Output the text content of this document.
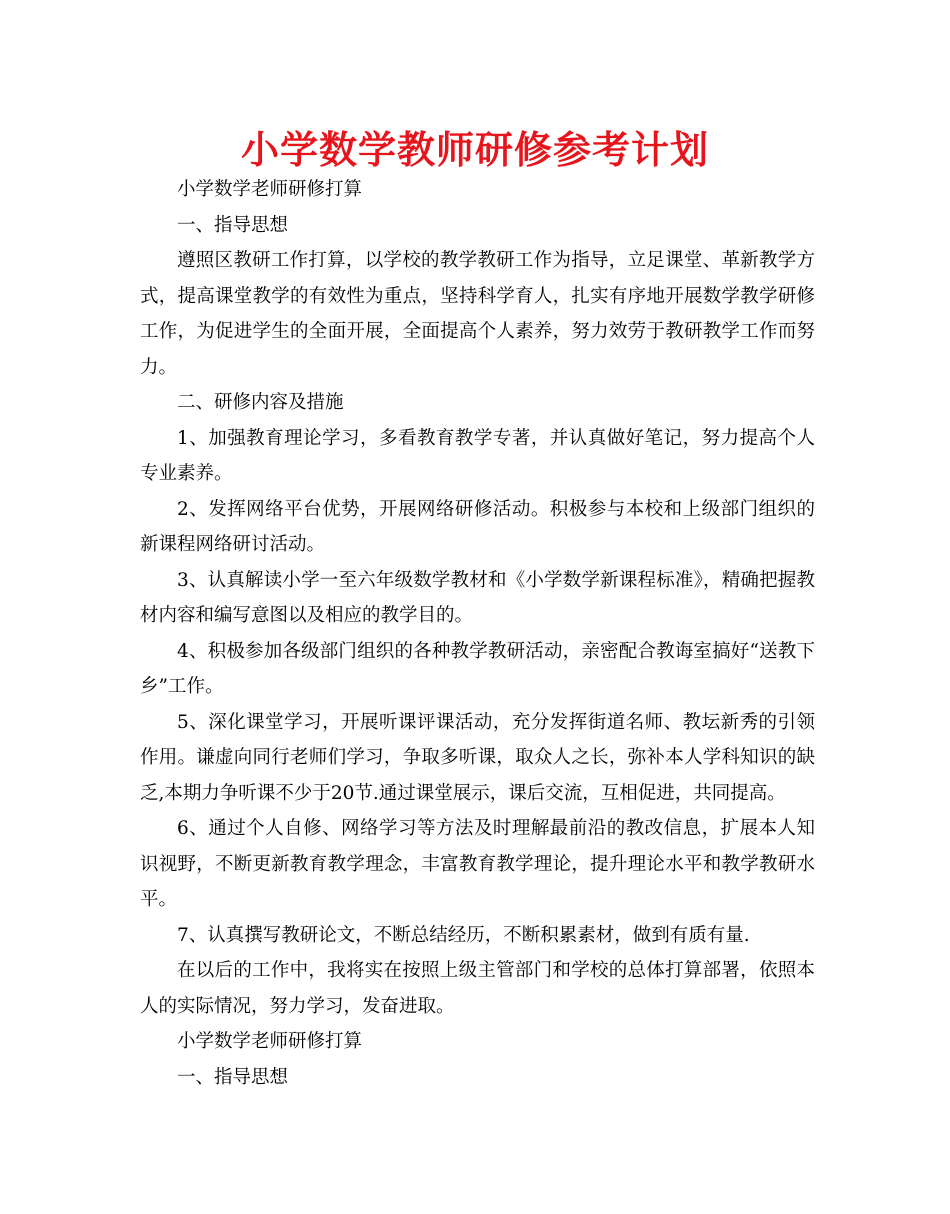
小学数学教师研修参考计划

小学数学老师研修打算

一、指导思想

遵照区教研工作打算，以学校的教学教研工作为指导，立足课堂、革新教学方式，提高课堂教学的有效性为重点，坚持科学育人，扎实有序地开展数学教学研修工作，为促进学生的全面开展，全面提高个人素养，努力效劳于教研教学工作而努力。

二、研修内容及措施

1、加强教育理论学习，多看教育教学专著，并认真做好笔记，努力提高个人专业素养。

2、发挥网络平台优势，开展网络研修活动。积极参与本校和上级部门组织的新课程网络研讨活动。

3、认真解读小学一至六年级数学教材和《小学数学新课程标准》，精确把握教材内容和编写意图以及相应的教学目的。

4、积极参加各级部门组织的各种教学教研活动，亲密配合教诲室搞好“送教下乡”工作。

5、深化课堂学习，开展听课评课活动，充分发挥街道名师、教坛新秀的引领作用。谦虚向同行老师们学习，争取多听课，取众人之长，弥补本人学科知识的缺乏,本期力争听课不少于20节.通过课堂展示，课后交流，互相促进，共同提高。

6、通过个人自修、网络学习等方法及时理解最前沿的教改信息，扩展本人知识视野，不断更新教育教学理念，丰富教育教学理论，提升理论水平和教学教研水平。

7、认真撰写教研论文，不断总结经历，不断积累素材，做到有质有量.

在以后的工作中，我将实在按照上级主管部门和学校的总体打算部署，依照本人的实际情况，努力学习，发奋进取。

小学数学老师研修打算

一、指导思想
